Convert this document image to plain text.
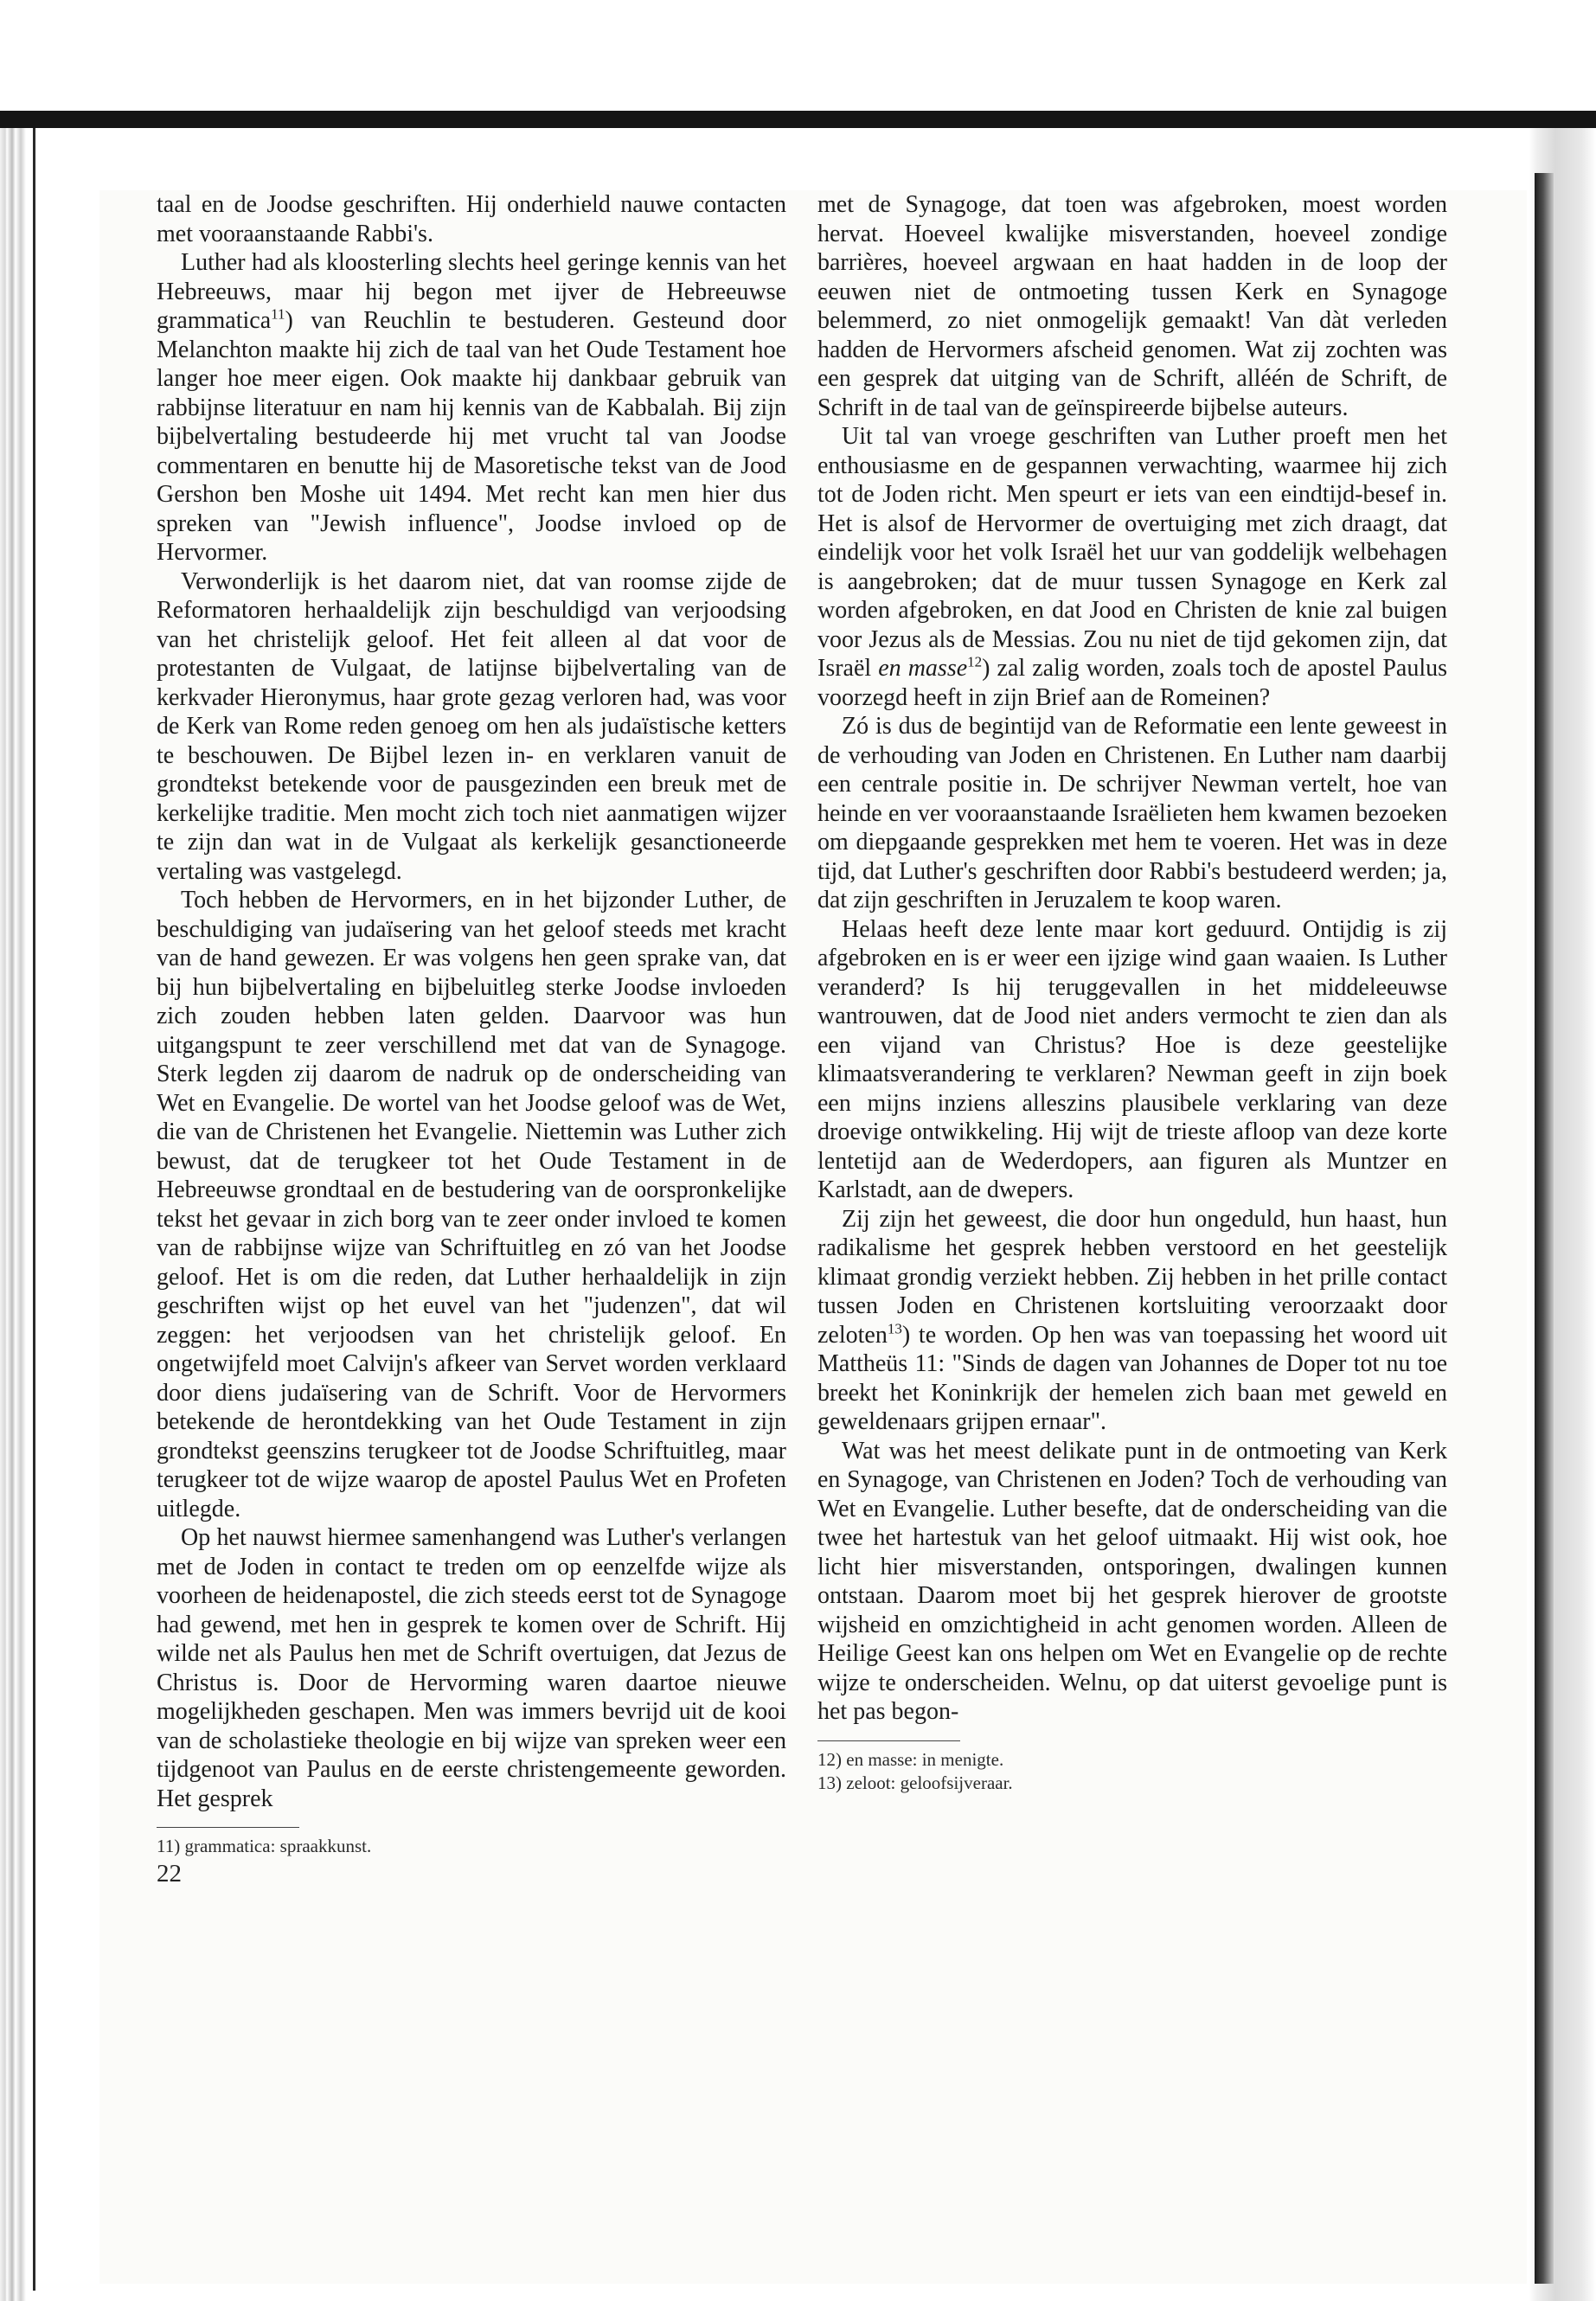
taal en de Joodse geschriften. Hij onderhield nauwe contacten met vooraanstaande Rabbi's.

Luther had als kloosterling slechts heel geringe kennis van het Hebreeuws, maar hij begon met ijver de Hebreeuwse grammatica$^{11}$) van Reuchlin te bestuderen. Gesteund door Melanchton maakte hij zich de taal van het Oude Testament hoe langer hoe meer eigen. Ook maakte hij dankbaar gebruik van rabbijnse literatuur en nam hij kennis van de Kabbalah. Bij zijn bijbelvertaling bestudeerde hij met vrucht tal van Joodse commentaren en benutte hij de Masoretische tekst van de Jood Gershon ben Moshe uit 1494. Met recht kan men hier dus spreken van "Jewish influence", Joodse invloed op de Hervormer.

Verwonderlijk is het daarom niet, dat van roomse zijde de Reformatoren herhaaldelijk zijn beschuldigd van verjoodsing van het christelijk geloof. Het feit alleen al dat voor de protestanten de Vulgaat, de latijnse bijbelvertaling van de kerkvader Hieronymus, haar grote gezag verloren had, was voor de Kerk van Rome reden genoeg om hen als judaïstische ketters te beschouwen. De Bijbel lezen in- en verklaren vanuit de grondtekst betekende voor de pausgezinden een breuk met de kerkelijke traditie. Men mocht zich toch niet aanmatigen wijzer te zijn dan wat in de Vulgaat als kerkelijk gesanctioneerde vertaling was vastgelegd.

Toch hebben de Hervormers, en in het bijzonder Luther, de beschuldiging van judaïsering van het geloof steeds met kracht van de hand gewezen. Er was volgens hen geen sprake van, dat bij hun bijbelvertaling en bijbeluitleg sterke Joodse invloeden zich zouden hebben laten gelden. Daarvoor was hun uitgangspunt te zeer verschillend met dat van de Synagoge. Sterk legden zij daarom de nadruk op de onderscheiding van Wet en Evangelie. De wortel van het Joodse geloof was de Wet, die van de Christenen het Evangelie. Niettemin was Luther zich bewust, dat de terugkeer tot het Oude Testament in de Hebreeuwse grondtaal en de bestudering van de oorspronkelijke tekst het gevaar in zich borg van te zeer onder invloed te komen van de rabbijnse wijze van Schriftuitleg en zó van het Joodse geloof. Het is om die reden, dat Luther herhaaldelijk in zijn geschriften wijst op het euvel van het "judenzen", dat wil zeggen: het verjoodsen van het christelijk geloof. En ongetwijfeld moet Calvijn's afkeer van Servet worden verklaard door diens judaïsering van de Schrift. Voor de Hervormers betekende de herontdekking van het Oude Testament in zijn grondtekst geenszins terugkeer tot de Joodse Schriftuitleg, maar terugkeer tot de wijze waarop de apostel Paulus Wet en Profeten uitlegde.

Op het nauwst hiermee samenhangend was Luther's verlangen met de Joden in contact te treden om op eenzelfde wijze als voorheen de heidenapostel, die zich steeds eerst tot de Synagoge had gewend, met hen in gesprek te komen over de Schrift. Hij wilde net als Paulus hen met de Schrift overtuigen, dat Jezus de Christus is. Door de Hervorming waren daartoe nieuwe mogelijkheden geschapen. Men was immers bevrijd uit de kooi van de scholastieke theologie en bij wijze van spreken weer een tijdgenoot van Paulus en de eerste christengemeente geworden. Het gesprek

11) grammatica: spraakkunst.

22

met de Synagoge, dat toen was afgebroken, moest worden hervat. Hoeveel kwalijke misverstanden, hoeveel zondige barrières, hoeveel argwaan en haat hadden in de loop der eeuwen niet de ontmoeting tussen Kerk en Synagoge belemmerd, zo niet onmogelijk gemaakt! Van dàt verleden hadden de Hervormers afscheid genomen. Wat zij zochten was een gesprek dat uitging van de Schrift, alléén de Schrift, de Schrift in de taal van de geïnspireerde bijbelse auteurs.

Uit tal van vroege geschriften van Luther proeft men het enthousiasme en de gespannen verwachting, waarmee hij zich tot de Joden richt. Men speurt er iets van een eindtijd-besef in. Het is alsof de Hervormer de overtuiging met zich draagt, dat eindelijk voor het volk Israël het uur van goddelijk welbehagen is aangebroken; dat de muur tussen Synagoge en Kerk zal worden afgebroken, en dat Jood en Christen de knie zal buigen voor Jezus als de Messias. Zou nu niet de tijd gekomen zijn, dat Israël en masse$^{12}$) zal zalig worden, zoals toch de apostel Paulus voorzegd heeft in zijn Brief aan de Romeinen?

Zó is dus de begintijd van de Reformatie een lente geweest in de verhouding van Joden en Christenen. En Luther nam daarbij een centrale positie in. De schrijver Newman vertelt, hoe van heinde en ver vooraanstaande Israëlieten hem kwamen bezoeken om diepgaande gesprekken met hem te voeren. Het was in deze tijd, dat Luther's geschriften door Rabbi's bestudeerd werden; ja, dat zijn geschriften in Jeruzalem te koop waren.

Helaas heeft deze lente maar kort geduurd. Ontijdig is zij afgebroken en is er weer een ijzige wind gaan waaien. Is Luther veranderd? Is hij teruggevallen in het middeleeuwse wantrouwen, dat de Jood niet anders vermocht te zien dan als een vijand van Christus? Hoe is deze geestelijke klimaatsverandering te verklaren? Newman geeft in zijn boek een mijns inziens alleszins plausibele verklaring van deze droevige ontwikkeling. Hij wijt de trieste afloop van deze korte lentetijd aan de Wederdopers, aan figuren als Muntzer en Karlstadt, aan de dwepers.

Zij zijn het geweest, die door hun ongeduld, hun haast, hun radikalisme het gesprek hebben verstoord en het geestelijk klimaat grondig verziekt hebben. Zij hebben in het prille contact tussen Joden en Christenen kortsluiting veroorzaakt door zeloten$^{13}$) te worden. Op hen was van toepassing het woord uit Mattheüs 11: "Sinds de dagen van Johannes de Doper tot nu toe breekt het Koninkrijk der hemelen zich baan met geweld en geweldenaars grijpen ernaar".

Wat was het meest delikate punt in de ontmoeting van Kerk en Synagoge, van Christenen en Joden? Toch de verhouding van Wet en Evangelie. Luther besefte, dat de onderscheiding van die twee het hartestuk van het geloof uitmaakt. Hij wist ook, hoe licht hier misverstanden, ontsporingen, dwalingen kunnen ontstaan. Daarom moet bij het gesprek hierover de grootste wijsheid en omzichtigheid in acht genomen worden. Alleen de Heilige Geest kan ons helpen om Wet en Evangelie op de rechte wijze te onderscheiden. Welnu, op dat uiterst gevoelige punt is het pas begon-

12) en masse: in menigte.

13) zeloot: geloofsijveraar.
